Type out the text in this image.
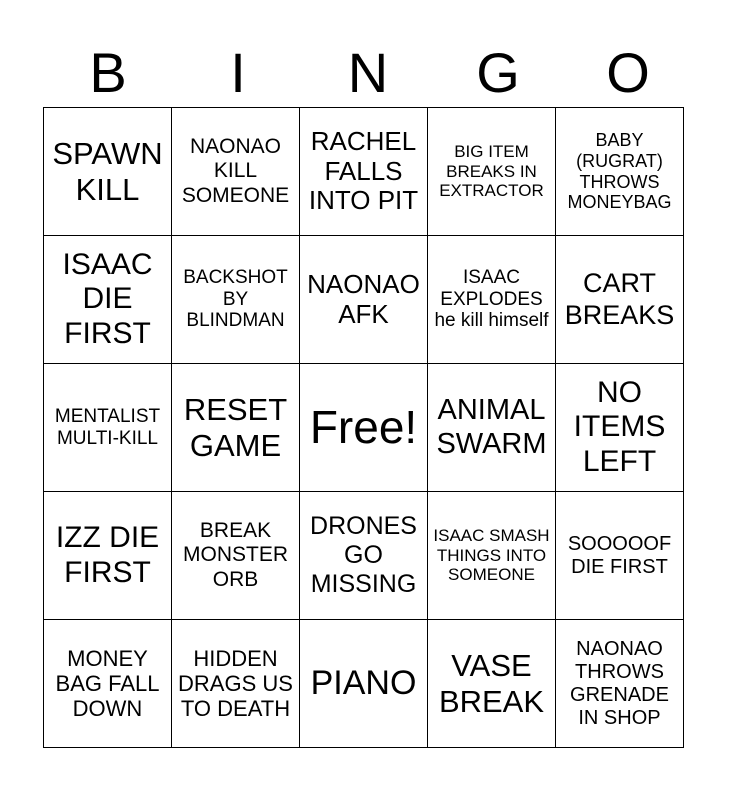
B	I	N	G	O
SPAWN KILL	NAONAO KILL SOMEONE	RACHEL FALLS INTO PIT	BIG ITEM BREAKS IN EXTRACTOR	BABY (RUGRAT) THROWS MONEYBAG

ISAAC DIE FIRST	BACKSHOT BY BLINDMAN	NAONAO AFK	ISAAC EXPLODES he kill himself	CART BREAKS

MENTALIST MULTI-KILL	RESET GAME	Free!	ANIMAL SWARM	NO ITEMS LEFT

IZZ DIE FIRST	BREAK MONSTER ORB	DRONES GO MISSING	ISAAC SMASH THINGS INTO SOMEONE	SOOOOOF DIE FIRST

MONEY BAG FALL DOWN	HIDDEN DRAGS US TO DEATH	PIANO	VASE BREAK	NAONAO THROWS GRENADE IN SHOP
